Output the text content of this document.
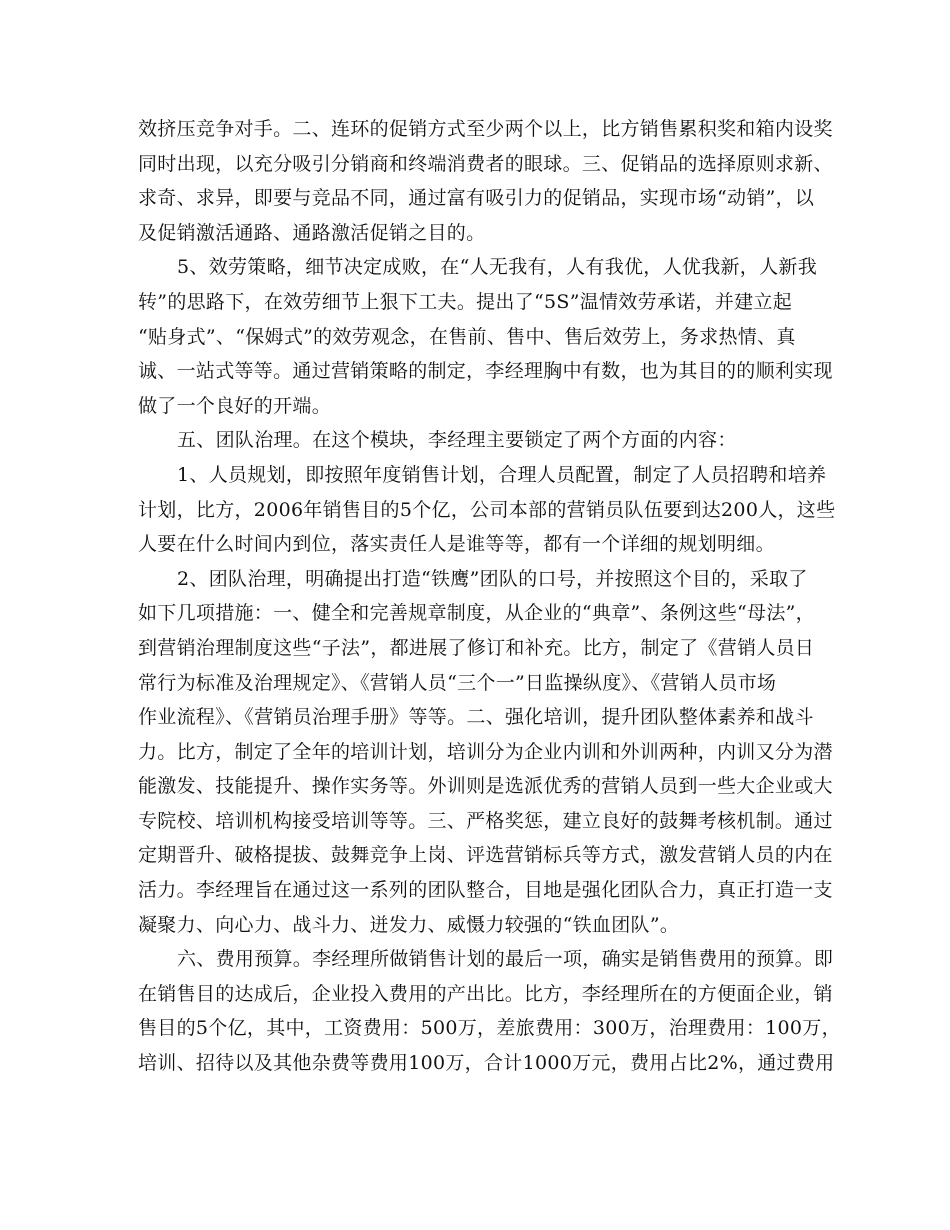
效挤压竞争对手。二、连环的促销方式至少两个以上，比方销售累积奖和箱内设奖
同时出现，以充分吸引分销商和终端消费者的眼球。三、促销品的选择原则求新、
求奇、求异，即要与竞品不同，通过富有吸引力的促销品，实现市场“动销”，以
及促销激活通路、通路激活促销之目的。
5、效劳策略，细节决定成败，在“人无我有，人有我优，人优我新，人新我
转”的思路下，在效劳细节上狠下工夫。提出了“5S”温情效劳承诺，并建立起
“贴身式”、“保姆式”的效劳观念，在售前、售中、售后效劳上，务求热情、真
诚、一站式等等。通过营销策略的制定，李经理胸中有数，也为其目的的顺利实现
做了一个良好的开端。
五、团队治理。在这个模块，李经理主要锁定了两个方面的内容：
1、人员规划，即按照年度销售计划，合理人员配置，制定了人员招聘和培养
计划，比方，2006年销售目的5个亿，公司本部的营销员队伍要到达200人，这些
人要在什么时间内到位，落实责任人是谁等等，都有一个详细的规划明细。
2、团队治理，明确提出打造“铁鹰”团队的口号，并按照这个目的，采取了
如下几项措施：一、健全和完善规章制度，从企业的“典章”、条例这些“母法”，
到营销治理制度这些“子法”，都进展了修订和补充。比方，制定了《营销人员日
常行为标准及治理规定》、《营销人员“三个一”日监操纵度》、《营销人员市场
作业流程》、《营销员治理手册》等等。二、强化培训，提升团队整体素养和战斗
力。比方，制定了全年的培训计划，培训分为企业内训和外训两种，内训又分为潜
能激发、技能提升、操作实务等。外训则是选派优秀的营销人员到一些大企业或大
专院校、培训机构接受培训等等。三、严格奖惩，建立良好的鼓舞考核机制。通过
定期晋升、破格提拔、鼓舞竞争上岗、评选营销标兵等方式，激发营销人员的内在
活力。李经理旨在通过这一系列的团队整合，目地是强化团队合力，真正打造一支
凝聚力、向心力、战斗力、迸发力、威慑力较强的“铁血团队”。
六、费用预算。李经理所做销售计划的最后一项，确实是销售费用的预算。即
在销售目的达成后，企业投入费用的产出比。比方，李经理所在的方便面企业，销
售目的5个亿，其中，工资费用：500万，差旅费用：300万，治理费用：100万，
培训、招待以及其他杂费等费用100万，合计1000万元，费用占比2%，通过费用
